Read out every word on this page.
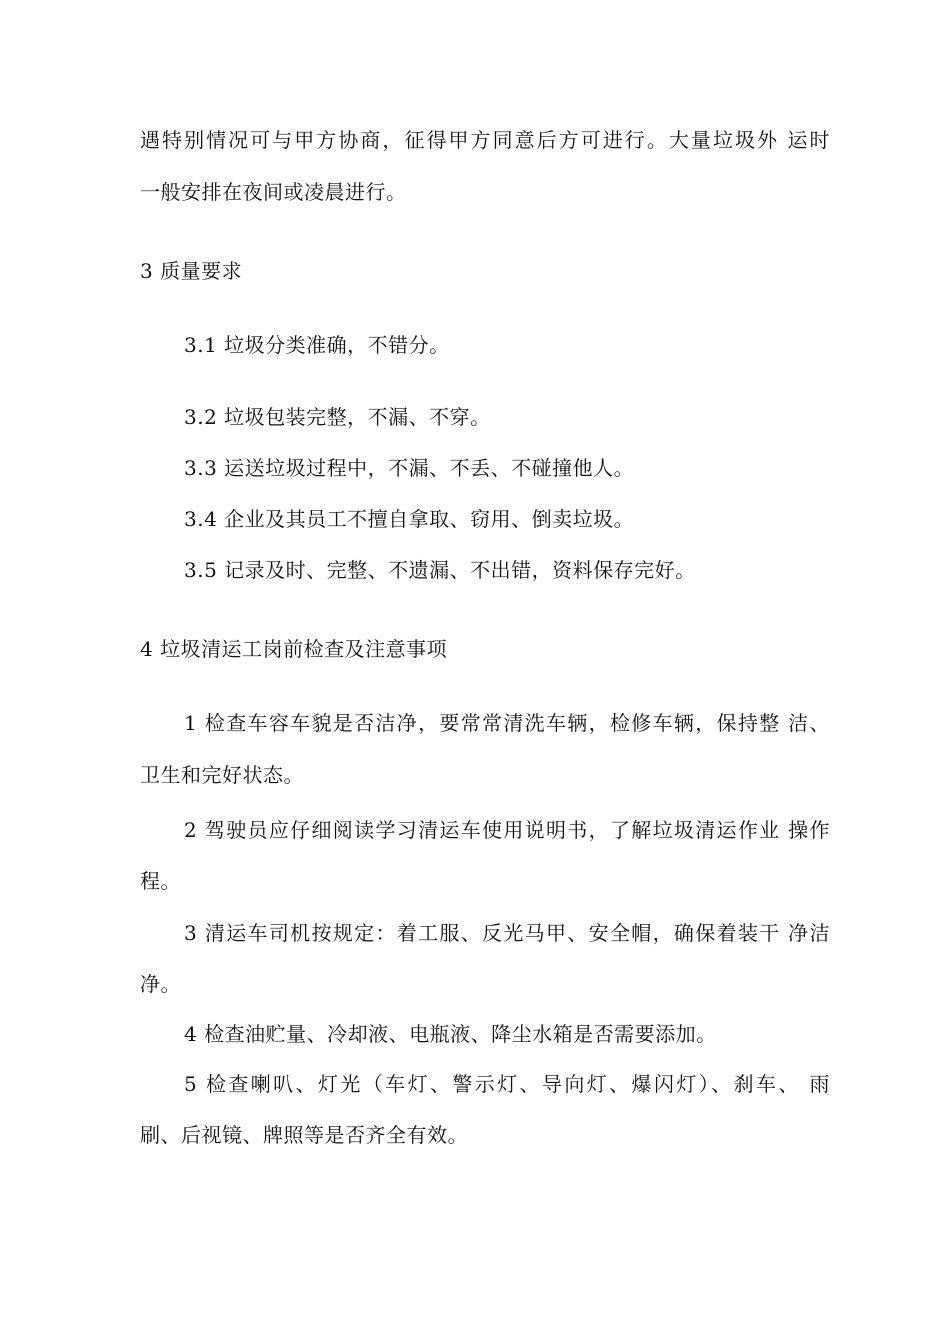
遇特别情况可与甲方协商，征得甲方同意后方可进行。大量垃圾外 运时
一般安排在夜间或凌晨进行。
3 质量要求
3.1 垃圾分类准确，不错分。
3.2 垃圾包装完整，不漏、不穿。
3.3 运送垃圾过程中，不漏、不丢、不碰撞他人。
3.4 企业及其员工不擅自拿取、窃用、倒卖垃圾。
3.5 记录及时、完整、不遗漏、不出错，资料保存完好。
4 垃圾清运工岗前检查及注意事项
1 检查车容车貌是否洁净，要常常清洗车辆，检修车辆，保持整 洁、
卫生和完好状态。
2 驾驶员应仔细阅读学习清运车使用说明书，了解垃圾清运作业 操作
程。
3 清运车司机按规定：着工服、反光马甲、安全帽，确保着装干 净洁
净。
4 检查油贮量、冷却液、电瓶液、降尘水箱是否需要添加。
5 检查喇叭、灯光（车灯、警示灯、导向灯、爆闪灯）、刹车、 雨
刷、后视镜、牌照等是否齐全有效。
